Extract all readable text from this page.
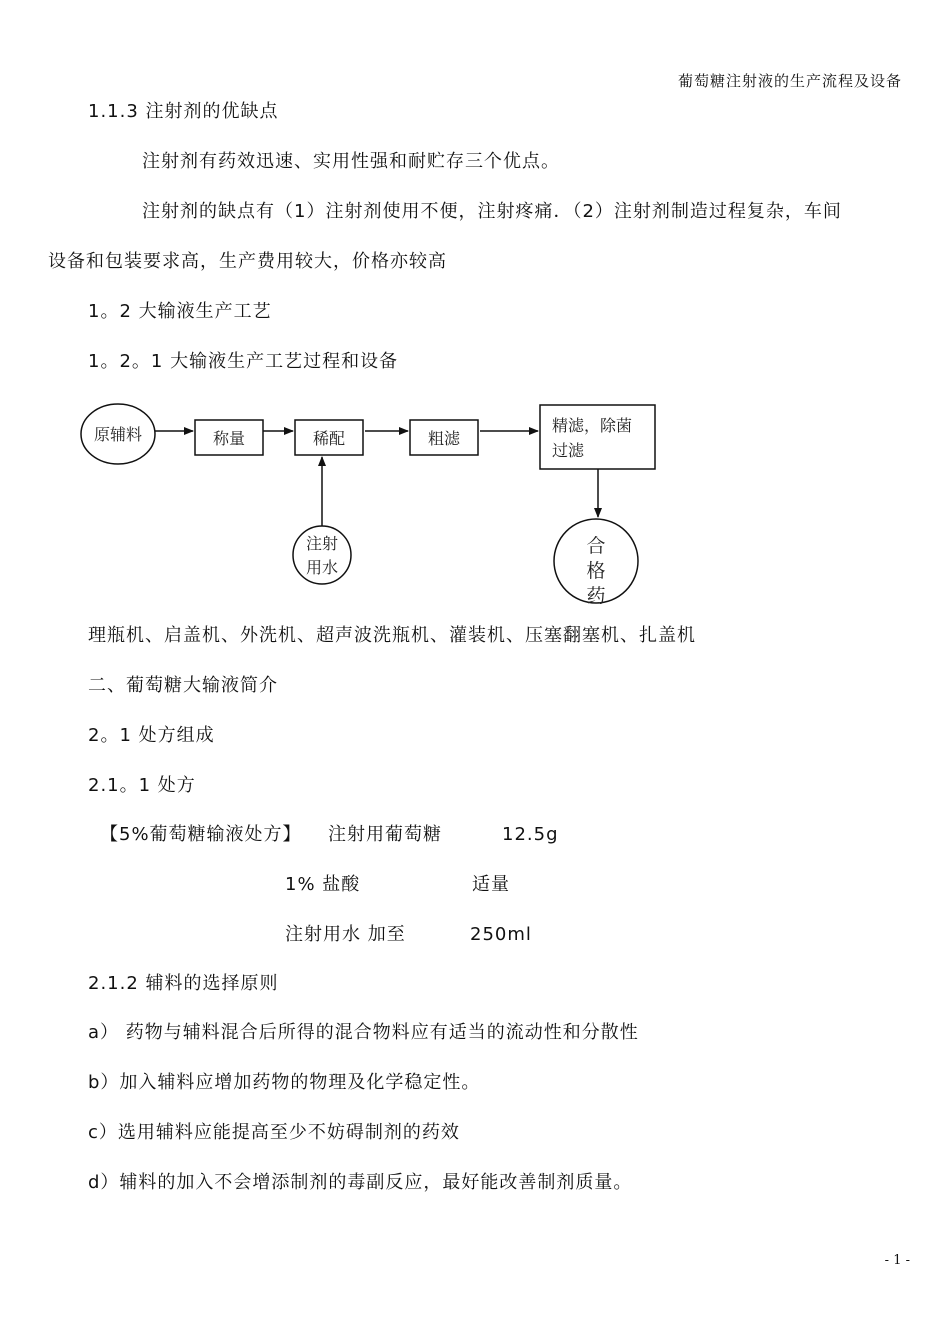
葡萄糖注射液的生产流程及设备
1.1.3 注射剂的优缺点
注射剂有药效迅速、实用性强和耐贮存三个优点。
注射剂的缺点有（1）注射剂使用不便，注射疼痛．（2）注射剂制造过程复杂，车间
设备和包装要求高，生产费用较大，价格亦较高
1。2 大输液生产工艺
1。2。1 大输液生产工艺过程和设备
原辅料	称量	稀配	粗滤
精滤，除菌
过滤
注射
用水
合
格
药
理瓶机、启盖机、外洗机、超声波洗瓶机、灌装机、压塞翻塞机、扎盖机
二、葡萄糖大输液简介
2。1 处方组成
2.1。1 处方
【5%葡萄糖输液处方】 注射用葡萄糖	12.5g
1% 盐酸	适量
注射用水 加至	250ml
2.1.2 辅料的选择原则
a） 药物与辅料混合后所得的混合物料应有适当的流动性和分散性
b）加入辅料应增加药物的物理及化学稳定性。
c）选用辅料应能提高至少不妨碍制剂的药效
d）辅料的加入不会增添制剂的毒副反应，最好能改善制剂质量。
- 1 -
